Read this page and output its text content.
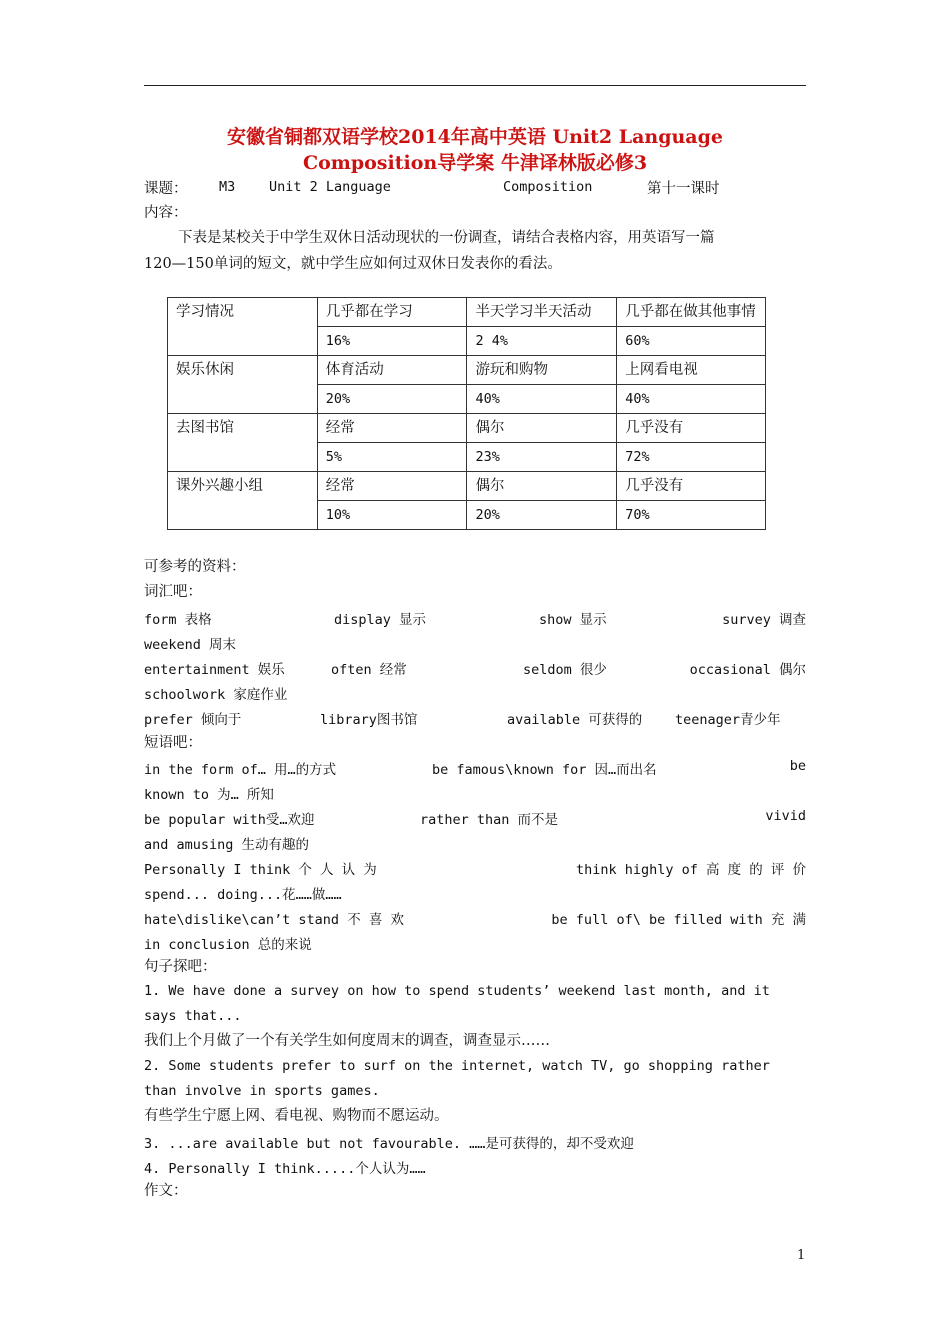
安徽省铜都双语学校2014年高中英语 Unit2 Language
Composition导学案 牛津译林版必修3
课题： M3 Unit 2 Language	Composition	第十一课时
内容：
下表是某校关于中学生双休日活动现状的一份调查，请结合表格内容，用英语写一篇
120—150单词的短文，就中学生应如何过双休日发表你的看法。
学习情况	几乎都在学习	半天学习半天活动	几乎都在做其他事情
	16%	2 4%	60%
娱乐休闲	体育活动	游玩和购物	上网看电视
	20%	40%	40%
去图书馆	经常	偶尔	几乎没有
	5%	23%	72%
课外兴趣小组	经常	偶尔	几乎没有
	10%	20%	70%
可参考的资料：
词汇吧：
form 表格	display 显示	show 显示	survey 调查
weekend 周末
entertainment 娱乐	often 经常	seldom 很少	occasional 偶尔
schoolwork 家庭作业
prefer 倾向于	library图书馆	available 可获得的 teenager青少年
短语吧：
in the form of… 用…的方式	be famous\known for 因…而出名	be
known to 为… 所知
be popular with受…欢迎	rather than 而不是	vivid
and amusing 生动有趣的
Personally I think 个 人 认 为	think highly of 高 度 的 评 价
spend... doing...花……做……
hate\dislike\can’t stand 不 喜 欢	be full of\ be filled with 充 满
in conclusion 总的来说
句子探吧：
1. We have done a survey on how to spend students’ weekend last month, and it
says that...
我们上个月做了一个有关学生如何度周末的调查，调查显示……
2. Some students prefer to surf on the internet, watch TV, go shopping rather
than involve in sports games.
有些学生宁愿上网、看电视、购物而不愿运动。
3. ...are available but not favourable. ……是可获得的，却不受欢迎
4. Personally I think.....个人认为……
作文：
1
